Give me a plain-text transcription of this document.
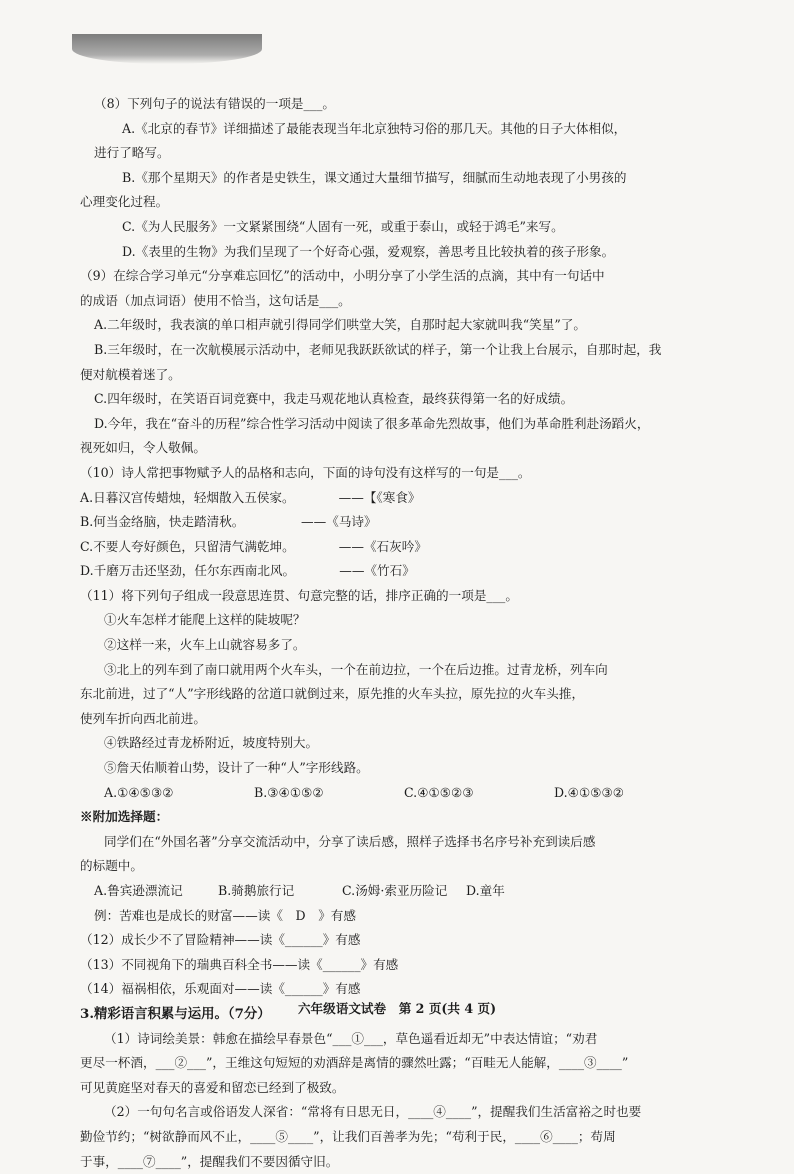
（8）下列句子的说法有错误的一项是___。

A.《北京的春节》详细描述了最能表现当年北京独特习俗的那几天。其他的日子大体相似，

进行了略写。

B.《那个星期天》的作者是史铁生，课文通过大量细节描写，细腻而生动地表现了小男孩的

心理变化过程。

C.《为人民服务》一文紧紧围绕“人固有一死，或重于泰山，或轻于鸿毛”来写。

D.《表里的生物》为我们呈现了一个好奇心强，爱观察，善思考且比较执着的孩子形象。

（9）在综合学习单元“分享难忘回忆”的活动中，小明分享了小学生活的点滴，其中有一句话中

的成语（加点词语）使用不恰当，这句话是___。

A.二年级时，我表演的单口相声就引得同学们哄堂大笑，自那时起大家就叫我“笑星”了。

B.三年级时，在一次航模展示活动中，老师见我跃跃欲试的样子，第一个让我上台展示，自那时起，我

便对航模着迷了。

C.四年级时，在笑语百词竞赛中，我走马观花地认真检查，最终获得第一名的好成绩。

D.今年，我在“奋斗的历程”综合性学习活动中阅读了很多革命先烈故事，他们为革命胜利赴汤蹈火，

视死如归，令人敬佩。

（10）诗人常把事物赋予人的品格和志向，下面的诗句没有这样写的一句是___。

A.日暮汉宫传蜡烛，轻烟散入五侯家。　　　　——【《寒食》

B.何当金络脑，快走踏清秋。　　　　　——《马诗》

C.不要人夸好颜色，只留清气满乾坤。　　　　——《石灰吟》

D.千磨万击还坚劲，任尔东西南北风。　　　　——《竹石》

（11）将下列句子组成一段意思连贯、句意完整的话，排序正确的一项是___。

①火车怎样才能爬上这样的陡坡呢？

②这样一来，火车上山就容易多了。

③北上的列车到了南口就用两个火车头，一个在前边拉，一个在后边推。过青龙桥，列车向

东北前进，过了“人”字形线路的岔道口就倒过来，原先推的火车头拉，原先拉的火车头推，

使列车折向西北前进。

④铁路经过青龙桥附近，坡度特别大。

⑤詹天佑顺着山势，设计了一种“人”字形线路。

A.①④⑤③②	B.③④①⑤②	C.④①⑤②③	D.④①⑤③②

※附加选择题：

同学们在“外国名著”分享交流活动中，分享了读后感，照样子选择书名序号补充到读后感

的标题中。

A.鲁宾逊漂流记	B.骑鹅旅行记	C.汤姆·索亚历险记 D.童年

例：苦难也是成长的财富——读《　D　》有感

（12）成长少不了冒险精神——读《______》有感

（13）不同视角下的瑞典百科全书——读《______》有感

（14）福祸相依，乐观面对——读《______》有感

3.精彩语言积累与运用。（7分）

（1）诗词绘美景：韩愈在描绘早春景色“___①___，草色遥看近却无”中表达情谊；“劝君

更尽一杯酒，___②___”，王维这句短短的劝酒辞是离情的骤然吐露；“百畦无人能解，____③____”

可见黄庭坚对春天的喜爱和留恋已经到了极致。

（2）一句句名言或俗语发人深省：“常将有日思无日，____④____”，提醒我们生活富裕之时也要

勤俭节约；“树欲静而风不止，____⑤____”，让我们百善孝为先；“苟利于民，____⑥____；苟周

于事，____⑦____”，提醒我们不要因循守旧。

六年级语文试卷　第 2 页(共 4 页)
